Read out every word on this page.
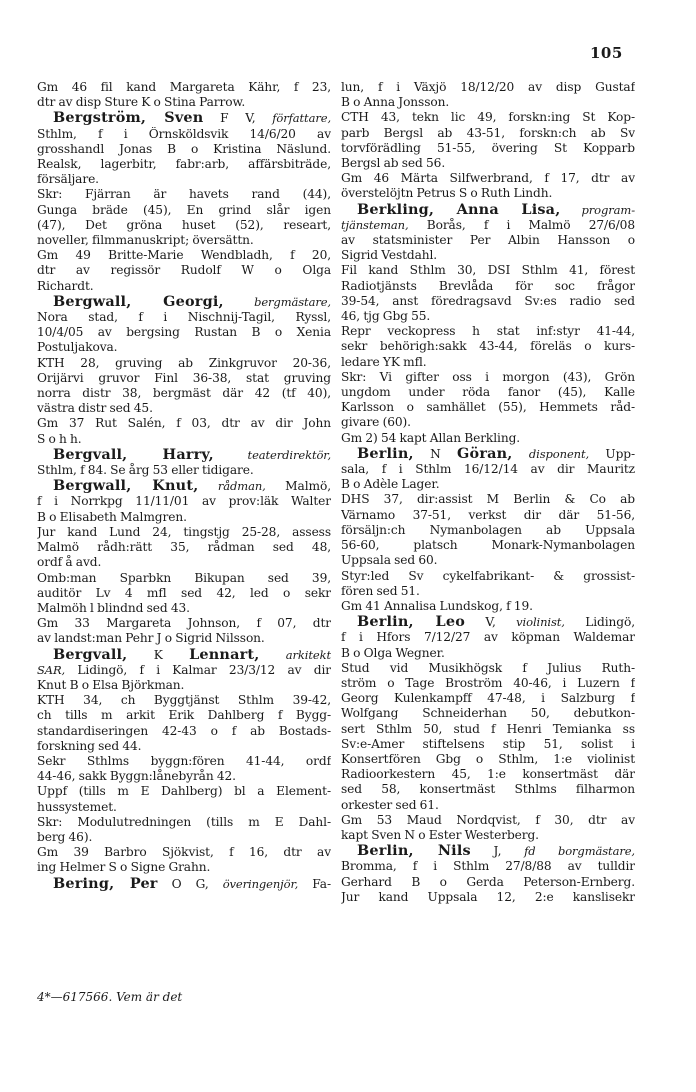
105
Gm 46 fil kand Margareta Kähr, f 23,
dtr av disp Sture K o Stina Parrow.
Bergström, Sven F V, författare,
Sthlm, f i Örnsköldsvik 14/6/20 av
grosshandl Jonas B o Kristina Näslund.
Realsk, lagerbitr, fabr:arb, affärsbiträde,
försäljare.
Skr: Fjärran är havets rand (44),
Gunga bräde (45), En grind slår igen
(47), Det gröna huset (52), researt,
noveller, filmmanuskript; översättn.
Gm 49 Britte-Marie Wendbladh, f 20,
dtr av regissör Rudolf W o Olga
Richardt.
Bergwall, Georgi,	bergmästare,
Nora stad, f i Nischnij-Tagil, Ryssl,
10/4/05 av bergsing Rustan B o Xenia
Postuljakova.
KTH 28, gruving ab Zinkgruvor 20-36,
Orijärvi gruvor Finl 36-38, stat gruving
norra distr 38, bergmäst där 42 (tf 40),
västra distr sed 45.
Gm 37 Rut Salén, f 03, dtr av dir John
S o h h.
Bergvall, Harry,	teaterdirektör,
Sthlm, f 84. Se årg 53 eller tidigare.
Bergwall, Knut, rådman, Malmö,
f i Norrkpg 11/11/01 av prov:läk Walter
B o Elisabeth Malmgren.
Jur kand Lund 24, tingstjg 25-28, assess
Malmö rådh:rätt 35, rådman sed 48,
ordf å avd.
Omb:man Sparbkn Bikupan sed 39,
auditör Lv 4 mfl sed 42, led o sekr
Malmöh l blindnd sed 43.
Gm 33 Margareta Johnson, f 07, dtr
av landst:man Pehr J o Sigrid Nilsson.
Bergvall, K Lennart, arkitekt
SAR, Lidingö, f i Kalmar 23/3/12 av dir
Knut B o Elsa Björkman.
KTH 34, ch Byggtjänst Sthlm 39-42,
ch tills m arkit Erik Dahlberg f Bygg-
standardiseringen 42-43 o f ab Bostads-
forskning sed 44.
Sekr Sthlms byggn:fören 41-44, ordf
44-46, sakk Byggn:lånebyrån 42.
Uppf (tills m E Dahlberg) bl a Element-
hussystemet.
Skr: Modulutredningen (tills m E Dahl-
berg 46).
Gm 39 Barbro Sjökvist, f 16, dtr av
ing Helmer S o Signe Grahn.
Bering, Per O G, överingenjör, Fa-
lun, f i Växjö 18/12/20 av disp Gustaf
B o Anna Jonsson.
CTH 43, tekn lic 49, forskn:ing St Kop-
parb Bergsl ab 43-51, forskn:ch ab Sv
torvförädling 51-55, övering St Kopparb
Bergsl ab sed 56.
Gm 46 Märta Silfwerbrand, f 17, dtr av
överstelöjtn Petrus S o Ruth Lindh.
Berkling, Anna Lisa, program-
tjänsteman, Borås, f i Malmö 27/6/08
av statsminister Per Albin Hansson o
Sigrid Vestdahl.
Fil kand Sthlm 30, DSI Sthlm 41, förest
Radiotjänsts Brevlåda för soc frågor
39-54, anst föredragsavd Sv:es radio sed
46, tjg Gbg 55.
Repr veckopress h stat inf:styr 41-44,
sekr behörigh:sakk 43-44, föreläs o kurs-
ledare YK mfl.
Skr: Vi gifter oss i morgon (43), Grön
ungdom under röda fanor (45), Kalle
Karlsson o samhället (55), Hemmets råd-
givare (60).
Gm 2) 54 kapt Allan Berkling.
Berlin, N Göran, disponent, Upp-
sala, f i Sthlm 16/12/14 av dir Mauritz
B o Adèle Lager.
DHS 37, dir:assist M Berlin & Co ab
Värnamo 37-51, verkst dir där 51-56,
försäljn:ch Nymanbolagen ab Uppsala
56-60, platsch Monark-Nymanbolagen
Uppsala sed 60.
Styr:led Sv cykelfabrikant- & grossist-
fören sed 51.
Gm 41 Annalisa Lundskog, f 19.
Berlin, Leo V, violinist, Lidingö,
f i Hfors 7/12/27 av köpman Waldemar
B o Olga Wegner.
Stud vid Musikhögsk f Julius Ruth-
ström o Tage Broström 40-46, i Luzern f
Georg Kulenkampff 47-48, i Salzburg f
Wolfgang Schneiderhan 50, debutkon-
sert Sthlm 50, stud f Henri Temianka ss
Sv:e-Amer stiftelsens stip 51, solist i
Konsertfören Gbg o Sthlm, 1:e violinist
Radioorkestern 45, 1:e konsertmäst där
sed 58, konsertmäst Sthlms filharmon
orkester sed 61.
Gm 53 Maud Nordqvist, f 30, dtr av
kapt Sven N o Ester Westerberg.
Berlin, Nils J, fd borgmästare,
Bromma, f i Sthlm 27/8/88 av tulldir
Gerhard B o Gerda Peterson-Ernberg.
Jur kand Uppsala 12, 2:e kanslisekr
4*—617566. Vem är det
